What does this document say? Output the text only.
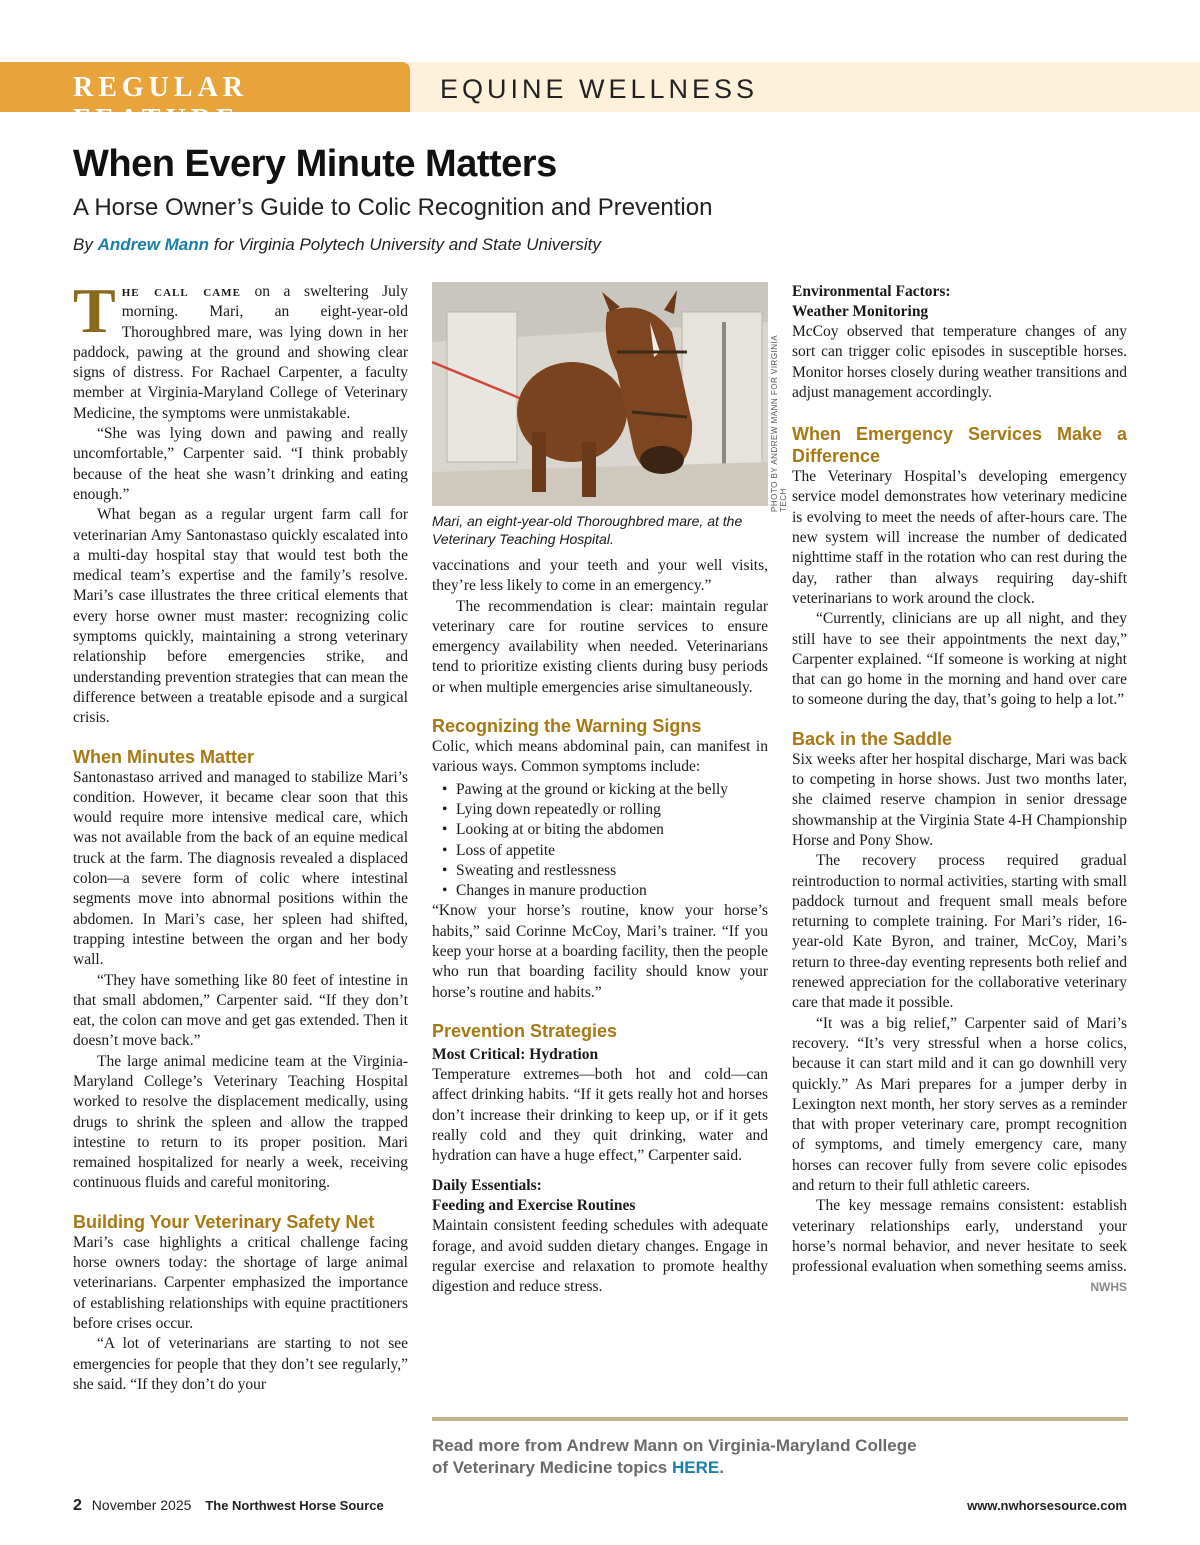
REGULAR FEATURE
EQUINE WELLNESS
When Every Minute Matters
A Horse Owner’s Guide to Colic Recognition and Prevention
By Andrew Mann for Virginia Polytech University and State University

The call came on a sweltering July morning. Mari, an eight-year-old Thoroughbred mare, was lying down in her paddock, pawing at the ground and showing clear signs of distress. For Rachael Carpenter, a faculty member at Virginia-Maryland College of Veterinary Medicine, the symptoms were unmistakable.

“She was lying down and pawing and really uncomfortable,” Carpenter said. “I think probably because of the heat she wasn’t drinking and eating enough.”

What began as a regular urgent farm call for veterinarian Amy Santonastaso quickly escalated into a multi-day hospital stay that would test both the medical team’s expertise and the family’s resolve. Mari’s case illustrates the three critical elements that every horse owner must master: recognizing colic symptoms quickly, maintaining a strong veterinary relationship before emergencies strike, and understanding prevention strategies that can mean the difference between a treatable episode and a surgical crisis.

When Minutes Matter

Santonastaso arrived and managed to stabilize Mari’s condition. However, it became clear soon that this would require more intensive medical care, which was not available from the back of an equine medical truck at the farm. The diagnosis revealed a displaced colon—a severe form of colic where intestinal segments move into abnormal positions within the abdomen. In Mari’s case, her spleen had shifted, trapping intestine between the organ and her body wall.

“They have something like 80 feet of intestine in that small abdomen,” Carpenter said. “If they don’t eat, the colon can move and get gas extended. Then it doesn’t move back.”

The large animal medicine team at the Virginia-Maryland College’s Veterinary Teaching Hospital worked to resolve the displacement medically, using drugs to shrink the spleen and allow the trapped intestine to return to its proper position. Mari remained hospitalized for nearly a week, receiving continuous fluids and careful monitoring.

Building Your Veterinary Safety Net

Mari’s case highlights a critical challenge facing horse owners today: the shortage of large animal veterinarians. Carpenter emphasized the importance of establishing relationships with equine practitioners before crises occur.

“A lot of veterinarians are starting to not see emergencies for people that they don’t see regularly,” she said. “If they don’t do your

PHOTO BY ANDREW MANN FOR VIRGINIA TECH
Mari, an eight-year-old Thoroughbred mare, at the Veterinary Teaching Hospital.

vaccinations and your teeth and your well visits, they’re less likely to come in an emergency.”

The recommendation is clear: maintain regular veterinary care for routine services to ensure emergency availability when needed. Veterinarians tend to prioritize existing clients during busy periods or when multiple emergencies arise simultaneously.

Recognizing the Warning Signs

Colic, which means abdominal pain, can manifest in various ways. Common symptoms include:

• Pawing at the ground or kicking at the belly
• Lying down repeatedly or rolling
• Looking at or biting the abdomen
• Loss of appetite
• Sweating and restlessness
• Changes in manure production

“Know your horse’s routine, know your horse’s habits,” said Corinne McCoy, Mari’s trainer. “If you keep your horse at a boarding facility, then the people who run that boarding facility should know your horse’s routine and habits.”

Prevention Strategies
Most Critical: Hydration

Temperature extremes—both hot and cold—can affect drinking habits. “If it gets really hot and horses don’t increase their drinking to keep up, or if it gets really cold and they quit drinking, water and hydration can have a huge effect,” Carpenter said.

Daily Essentials:
Feeding and Exercise Routines

Maintain consistent feeding schedules with adequate forage, and avoid sudden dietary changes. Engage in regular exercise and relaxation to promote healthy digestion and reduce stress.

Environmental Factors:
Weather Monitoring

McCoy observed that temperature changes of any sort can trigger colic episodes in susceptible horses. Monitor horses closely during weather transitions and adjust management accordingly.

When Emergency Services Make a Difference

The Veterinary Hospital’s developing emergency service model demonstrates how veterinary medicine is evolving to meet the needs of after-hours care. The new system will increase the number of dedicated nighttime staff in the rotation who can rest during the day, rather than always requiring day-shift veterinarians to work around the clock.

“Currently, clinicians are up all night, and they still have to see their appointments the next day,” Carpenter explained. “If someone is working at night that can go home in the morning and hand over care to someone during the day, that’s going to help a lot.”

Back in the Saddle

Six weeks after her hospital discharge, Mari was back to competing in horse shows. Just two months later, she claimed reserve champion in senior dressage showmanship at the Virginia State 4-H Championship Horse and Pony Show.

The recovery process required gradual reintroduction to normal activities, starting with small paddock turnout and frequent small meals before returning to complete training. For Mari’s rider, 16-year-old Kate Byron, and trainer, McCoy, Mari’s return to three-day eventing represents both relief and renewed appreciation for the collaborative veterinary care that made it possible.

“It was a big relief,” Carpenter said of Mari’s recovery. “It’s very stressful when a horse colics, because it can start mild and it can go downhill very quickly.” As Mari prepares for a jumper derby in Lexington next month, her story serves as a reminder that with proper veterinary care, prompt recognition of symptoms, and timely emergency care, many horses can recover fully from severe colic episodes and return to their full athletic careers.

The key message remains consistent: establish veterinary relationships early, understand your horse’s normal behavior, and never hesitate to seek professional evaluation when something seems amiss.
NWHS

Read more from Andrew Mann on Virginia-Maryland College
of Veterinary Medicine topics HERE.
2 November 2025 The Northwest Horse Source	www.nwhorsesource.com
